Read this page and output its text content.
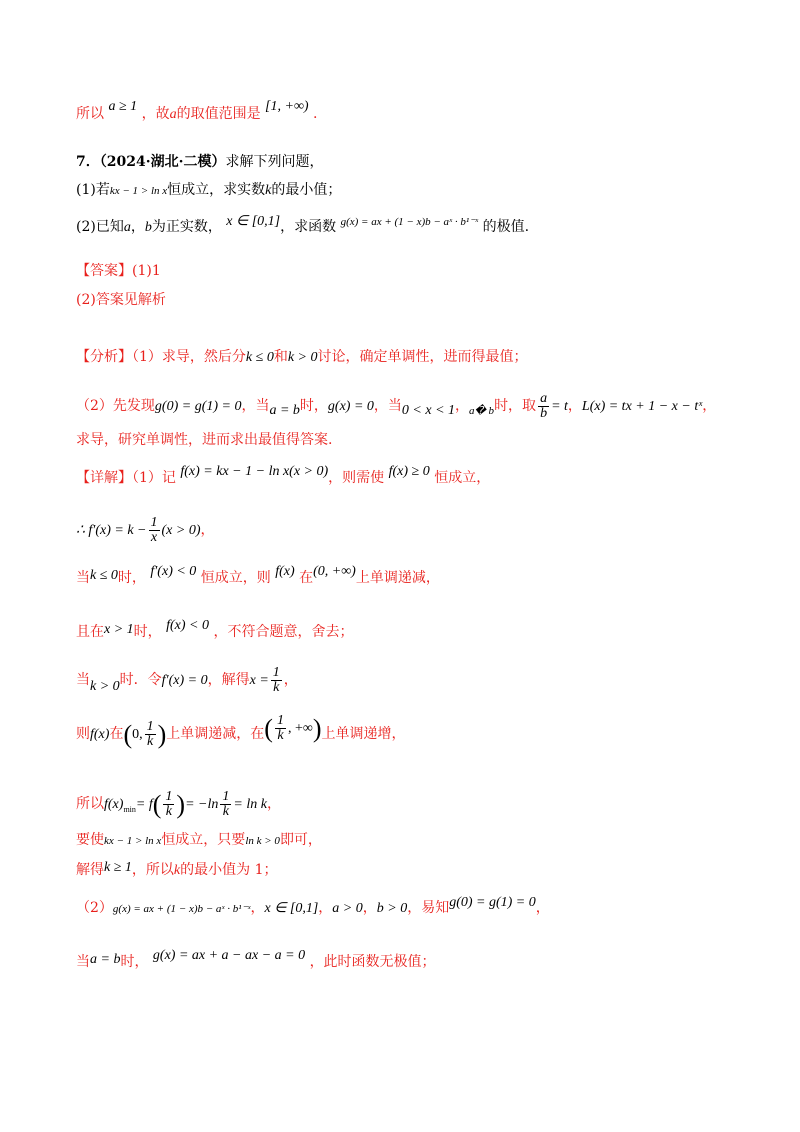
所以 a ≥ 1 ，故a的取值范围是 [1, +∞) .
7．（2024·湖北·二模）求解下列问题，
(1)若kx − 1 > ln x恒成立，求实数k的最小值；
(2)已知a，b为正实数， x ∈ [0,1]，求函数 $^{g(x) = ax + (1 - x)b - aˣ \cdot b^{1-}ˣ}$ 的极值.
【答案】(1)1
(2)答案见解析
【分析】（1）求导，然后分k ≤ 0和k > 0讨论，确定单调性，进而得最值；
（2）先发现g(0) = g(1) = 0，当a = b时，g(x) = 0，当0 < x < 1，$_{a� b}$时，取 $\frac{a}{b} = t$，L(x) = tx + 1 − x − tˣ，
求导，研究单调性，进而求出最值得答案.
【详解】（1）记 f(x) = kx − 1 − ln x(x > 0)，则需使 f(x) ≥ 0 恒成立，
∴ $f'(x) = k - \frac{1}{x} (x > 0)$，
当k ≤ 0时， f′(x) < 0 恒成立，则 f(x) 在(0, +∞)上单调递减，
且在x > 1时， f(x) < 0 ，不符合题意，舍去；
当k > 0时．令f′(x) = 0，解得$x = \frac{1}{k}$ ，
则f(x)在(0, $\frac{1}{k}$ )上单调递减，在( $\frac{1}{k}$ , +∞)上单调递增，
所以$f(x)_{min}= f( \frac{1}{k}$ )= $-\ln \frac{1}{k} = \ln k$，
要使kx − 1 > ln x恒成立，只要ln k > 0即可，
解得k ≥ 1，所以k的最小值为 1；
（2）g(x) = ax + (1 − x)b − aˣ · b¹⁻ˣ，x ∈ [0,1]，a > 0，b > 0，易知g(0) = g(1) = 0，
当a = b时， g(x) = ax + a − ax − a = 0 ，此时函数无极值；
